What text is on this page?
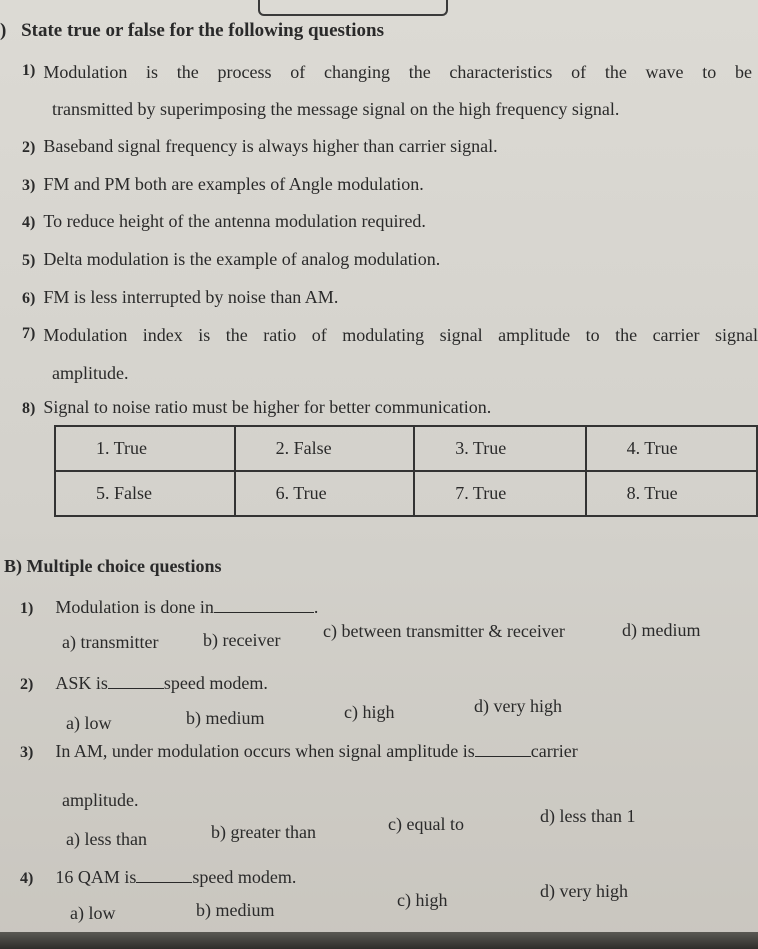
) State true or false for the following questions
1) Modulation is the process of changing the characteristics of the wave to be
transmitted by superimposing the message signal on the high frequency signal.
2) Baseband signal frequency is always higher than carrier signal.
3) FM and PM both are examples of Angle modulation.
4) To reduce height of the antenna modulation required.
5) Delta modulation is the example of analog modulation.
6) FM is less interrupted by noise than AM.
7) Modulation index is the ratio of modulating signal amplitude to the carrier signal
amplitude.
8) Signal to noise ratio must be higher for better communication.
1. True	2. False	3. True	4. True
5. False	6. True	7. True	8. True
B) Multiple choice questions
1) Modulation is done in	.
a) transmitter b) receiver c) between transmitter & receiver	d) medium
2) ASK is	speed modem.
a) low	b) medium	c) high	d) very high
3) In AM, under modulation occurs when signal amplitude is	carrier
amplitude.
a) less than	b) greater than	c) equal to	d) less than 1
4) 16 QAM is	speed modem.
a) low	b) medium	c) high	d) very high
